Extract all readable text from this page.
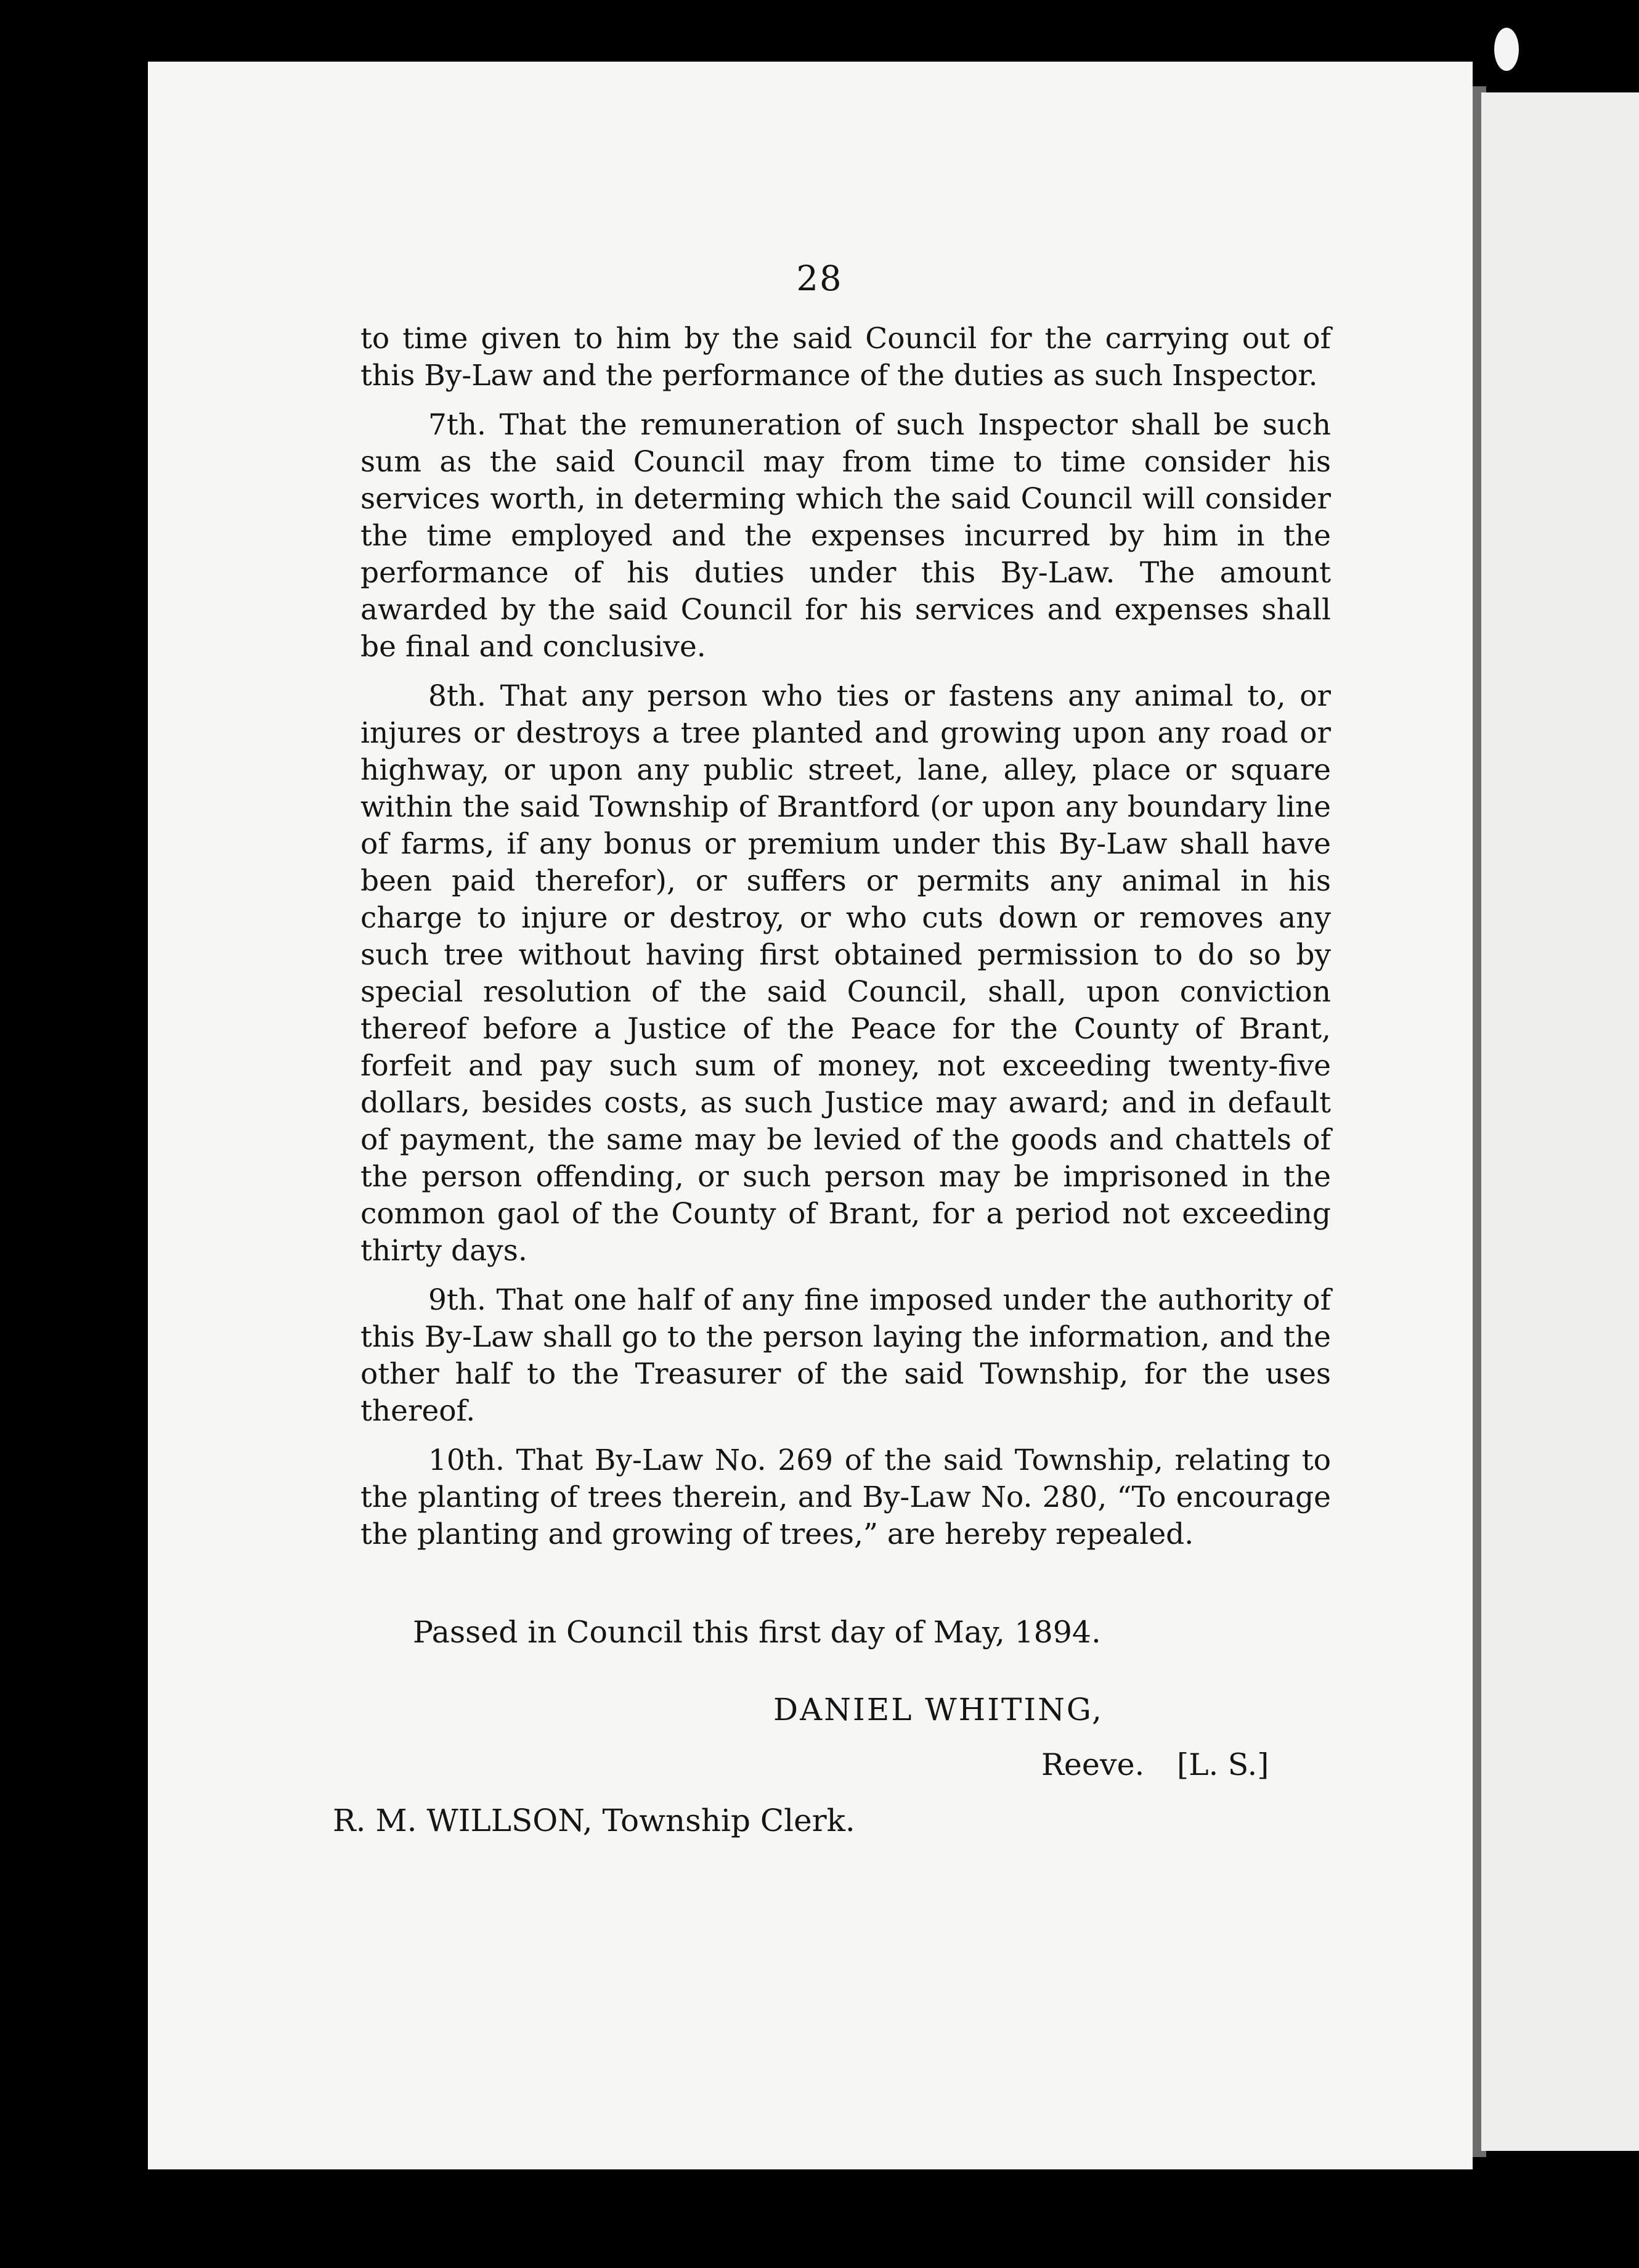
28

to time given to him by the said Council for the carrying out of this By-Law and the performance of the duties as such Inspector.

7th. That the remuneration of such Inspector shall be such sum as the said Council may from time to time consider his services worth, in determing which the said Council will consider the time employed and the expenses incurred by him in the performance of his duties under this By-Law. The amount awarded by the said Council for his services and expenses shall be final and conclusive.

8th. That any person who ties or fastens any animal to, or injures or destroys a tree planted and growing upon any road or highway, or upon any public street, lane, alley, place or square within the said Township of Brantford (or upon any boundary line of farms, if any bonus or premium under this By-Law shall have been paid therefor), or suffers or permits any animal in his charge to injure or destroy, or who cuts down or removes any such tree without having first obtained permission to do so by special resolution of the said Council, shall, upon conviction thereof before a Justice of the Peace for the County of Brant, forfeit and pay such sum of money, not exceeding twenty-five dollars, besides costs, as such Justice may award; and in default of payment, the same may be levied of the goods and chattels of the person offending, or such person may be imprisoned in the common gaol of the County of Brant, for a period not exceeding thirty days.

9th. That one half of any fine imposed under the authority of this By-Law shall go to the person laying the information, and the other half to the Treasurer of the said Township, for the uses thereof.

10th. That By-Law No. 269 of the said Township, relating to the planting of trees therein, and By-Law No. 280, “To encourage the planting and growing of trees,” are hereby repealed.

Passed in Council this first day of May, 1894.
DANIEL WHITING,
Reeve. [L. S.]
R. M. WILLSON, Township Clerk.
